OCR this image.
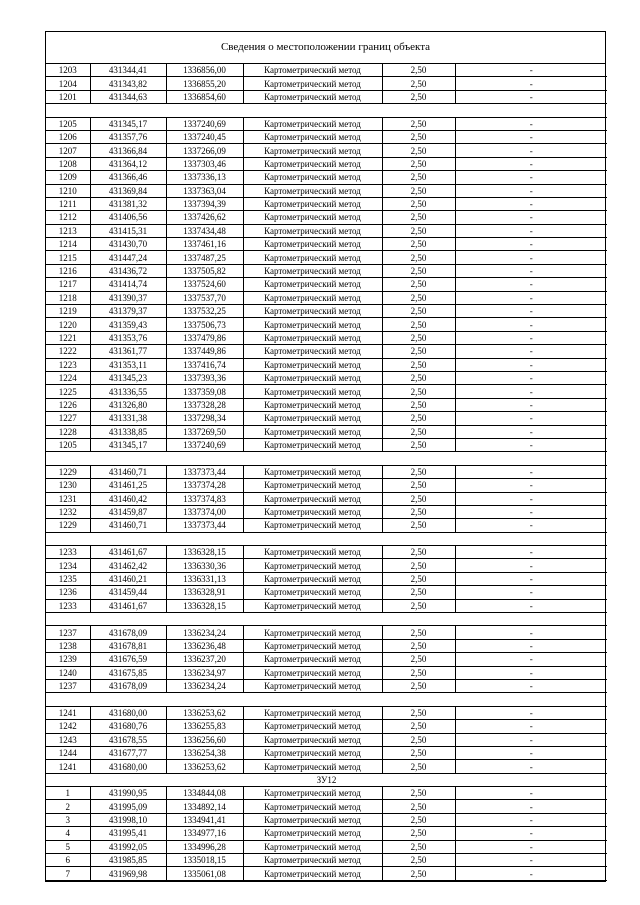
Сведения о местоположении границ объекта
1203	431344,41	1336856,00	Картометрический метод	2,50	-
1204	431343,82	1336855,20	Картометрический метод	2,50	-
1201	431344,63	1336854,60	Картометрический метод	2,50	-

1205	431345,17	1337240,69	Картометрический метод	2,50	-
1206	431357,76	1337240,45	Картометрический метод	2,50	-
1207	431366,84	1337266,09	Картометрический метод	2,50	-
1208	431364,12	1337303,46	Картометрический метод	2,50	-
1209	431366,46	1337336,13	Картометрический метод	2,50	-
1210	431369,84	1337363,04	Картометрический метод	2,50	-
1211	431381,32	1337394,39	Картометрический метод	2,50	-
1212	431406,56	1337426,62	Картометрический метод	2,50	-
1213	431415,31	1337434,48	Картометрический метод	2,50	-
1214	431430,70	1337461,16	Картометрический метод	2,50	-
1215	431447,24	1337487,25	Картометрический метод	2,50	-
1216	431436,72	1337505,82	Картометрический метод	2,50	-
1217	431414,74	1337524,60	Картометрический метод	2,50	-
1218	431390,37	1337537,70	Картометрический метод	2,50	-
1219	431379,37	1337532,25	Картометрический метод	2,50	-
1220	431359,43	1337506,73	Картометрический метод	2,50	-
1221	431353,76	1337479,86	Картометрический метод	2,50	-
1222	431361,77	1337449,86	Картометрический метод	2,50	-
1223	431353,11	1337416,74	Картометрический метод	2,50	-
1224	431345,23	1337393,36	Картометрический метод	2,50	-
1225	431336,55	1337359,08	Картометрический метод	2,50	-
1226	431326,80	1337328,28	Картометрический метод	2,50	-
1227	431331,38	1337298,34	Картометрический метод	2,50	-
1228	431338,85	1337269,50	Картометрический метод	2,50	-
1205	431345,17	1337240,69	Картометрический метод	2,50	-

1229	431460,71	1337373,44	Картометрический метод	2,50	-
1230	431461,25	1337374,28	Картометрический метод	2,50	-
1231	431460,42	1337374,83	Картометрический метод	2,50	-
1232	431459,87	1337374,00	Картометрический метод	2,50	-
1229	431460,71	1337373,44	Картометрический метод	2,50	-

1233	431461,67	1336328,15	Картометрический метод	2,50	-
1234	431462,42	1336330,36	Картометрический метод	2,50	-
1235	431460,21	1336331,13	Картометрический метод	2,50	-
1236	431459,44	1336328,91	Картометрический метод	2,50	-
1233	431461,67	1336328,15	Картометрический метод	2,50	-

1237	431678,09	1336234,24	Картометрический метод	2,50	-
1238	431678,81	1336236,48	Картометрический метод	2,50	-
1239	431676,59	1336237,20	Картометрический метод	2,50	-
1240	431675,85	1336234,97	Картометрический метод	2,50	-
1237	431678,09	1336234,24	Картометрический метод	2,50	-

1241	431680,00	1336253,62	Картометрический метод	2,50	-
1242	431680,76	1336255,83	Картометрический метод	2,50	-
1243	431678,55	1336256,60	Картометрический метод	2,50	-
1244	431677,77	1336254,38	Картометрический метод	2,50	-
1241	431680,00	1336253,62	Картометрический метод	2,50	-
ЗУ12					
1	431990,95	1334844,08	Картометрический метод	2,50	-
2	431995,09	1334892,14	Картометрический метод	2,50	-
3	431998,10	1334941,41	Картометрический метод	2,50	-
4	431995,41	1334977,16	Картометрический метод	2,50	-
5	431992,05	1334996,28	Картометрический метод	2,50	-
6	431985,85	1335018,15	Картометрический метод	2,50	-
7	431969,98	1335061,08	Картометрический метод	2,50	-
